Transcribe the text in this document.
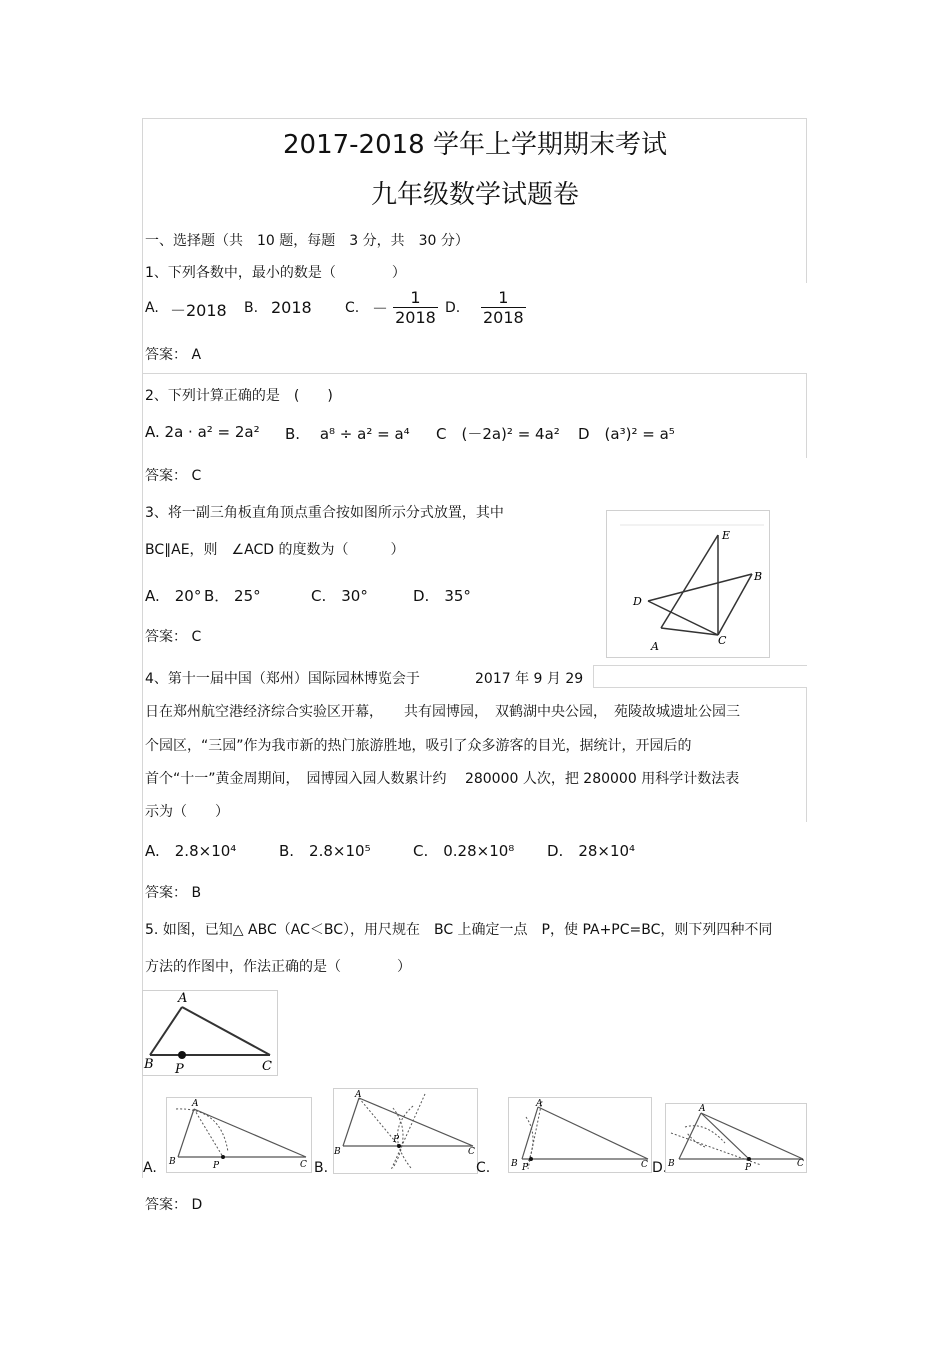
2017-2018 学年上学期期末考试
九年级数学试题卷
一、选择题（共　10 题，每题　3 分，共　30 分）
1、下列各数中，最小的数是（　　　　）
A. －2018 B. 2018 C. － $\frac{1}{2018} D$. $\frac{1}{2018}$
答案： A
2、下列计算正确的是　(　　)
A. 2a · a² = 2a² B.　 a⁸ ÷ a² = a⁴ C　(－2a)² = 4a² D　(a³)² = a⁵
答案： C
3、将一副三角板直角顶点重合按如图所示分式放置，其中
BC∥AE，则　∠ACD 的度数为（　　　）
A.　20° B． 25°	C.　30°	D.　35°
答案： C
A	C
D
E
B
4、第十一届中国（郑州）国际园林博览会于	2017 年 9 月 29
日在郑州航空港经济综合实验区开幕，　　共有园博园，　双鹤湖中央公园，　苑陵故城遗址公园三
个园区，“三园”作为我市新的热门旅游胜地，吸引了众多游客的目光，据统计，开园后的
首个“十一”黄金周期间，　园博园入园人数累计约　 280000 人次，把 280000 用科学计数法表
示为（　　）
A.　2.8×10⁴	B.　2.8×10⁵	C.　0.28×10⁸ D.　28×10⁴
答案： B
5. 如图，已知△ ABC（AC＜BC），用尺规在　BC 上确定一点　P，使 PA+PC=BC，则下列四种不同
方法的作图中，作法正确的是（　　　　）
A
B P	C
A.
A
B	P	C B.
A
B
P
C
C.
A
B P	C D.
A
B	P	C
答案： D
